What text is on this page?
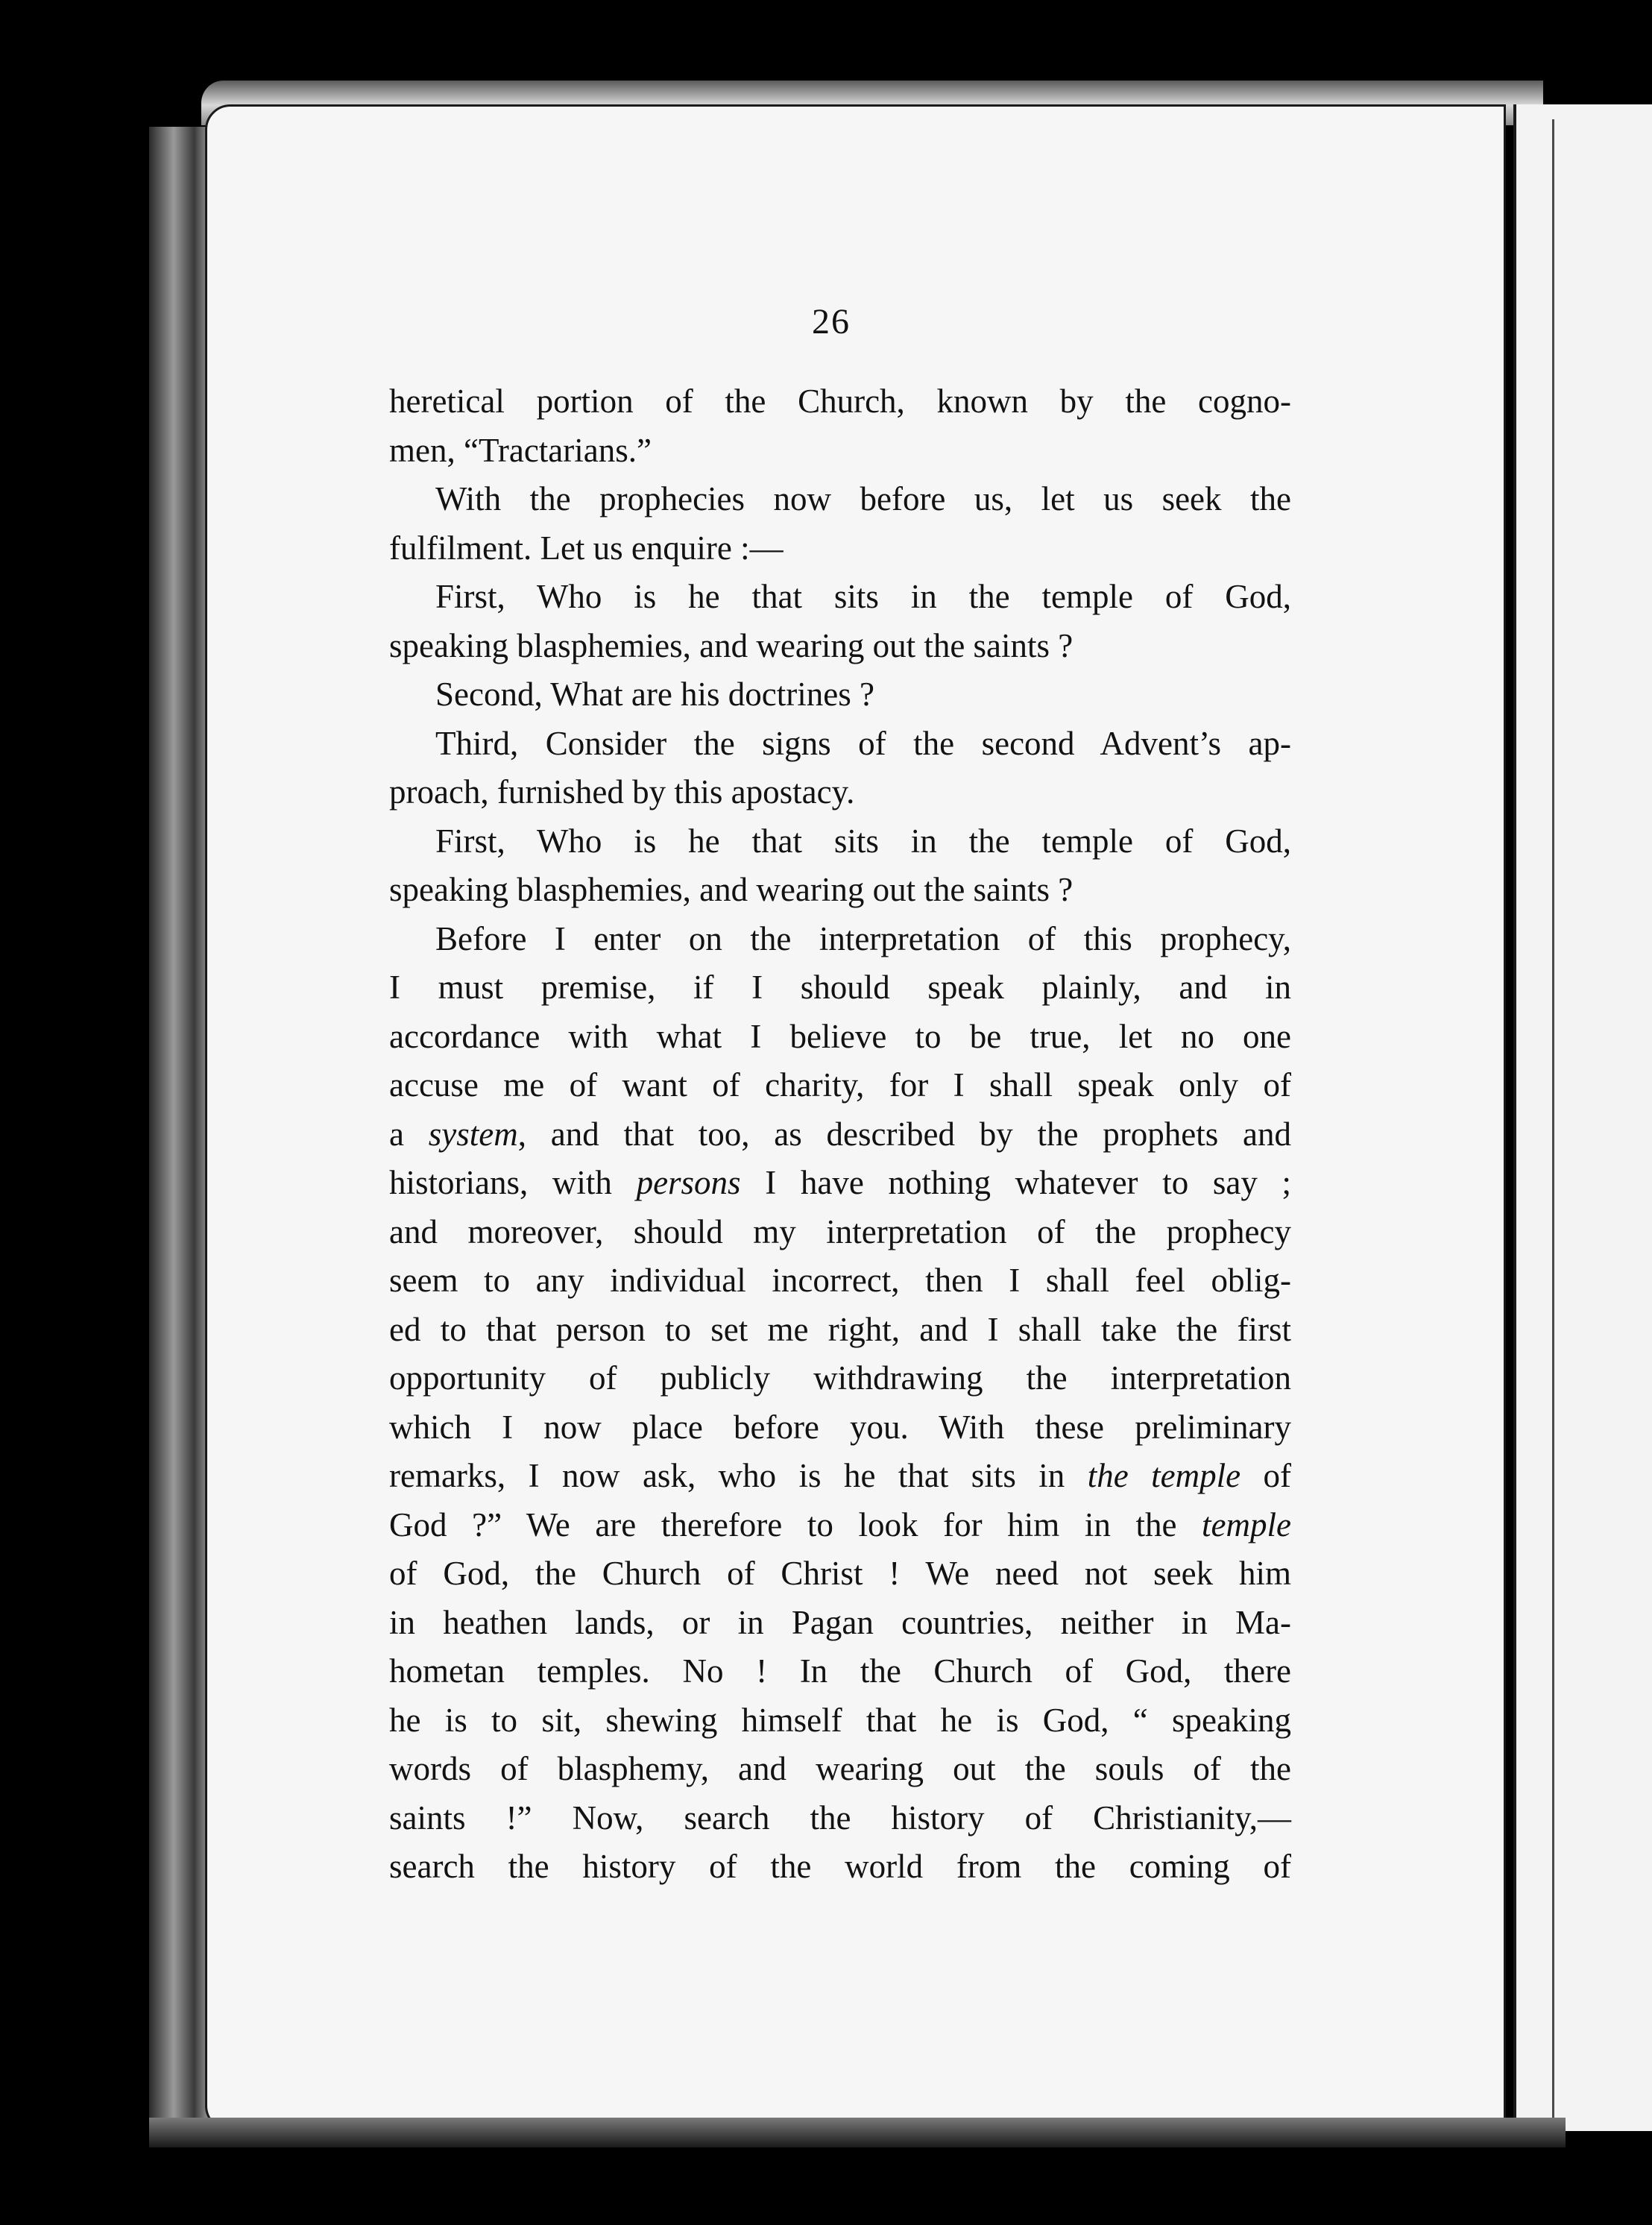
26
heretical portion of the Church, known by the cogno-
men, “Tractarians.”
With the prophecies now before us, let us seek the
fulfilment. Let us enquire :—
First, Who is he that sits in the temple of God,
speaking blasphemies, and wearing out the saints ?
Second, What are his doctrines ?
Third, Consider the signs of the second Advent’s ap-
proach, furnished by this apostacy.
First, Who is he that sits in the temple of God,
speaking blasphemies, and wearing out the saints ?
Before I enter on the interpretation of this prophecy,
I must premise, if I should speak plainly, and in
accordance with what I believe to be true, let no one
accuse me of want of charity, for I shall speak only of
a system, and that too, as described by the prophets and
historians, with persons I have nothing whatever to say ;
and moreover, should my interpretation of the prophecy
seem to any individual incorrect, then I shall feel oblig-
ed to that person to set me right, and I shall take the first
opportunity of publicly withdrawing the interpretation
which I now place before you. With these preliminary
remarks, I now ask, who is he that sits in the temple of
God ?” We are therefore to look for him in the temple
of God, the Church of Christ ! We need not seek him
in heathen lands, or in Pagan countries, neither in Ma-
hometan temples. No ! In the Church of God, there
he is to sit, shewing himself that he is God, “ speaking
words of blasphemy, and wearing out the souls of the
saints !” Now, search the history of Christianity,—
search the history of the world from the coming of
